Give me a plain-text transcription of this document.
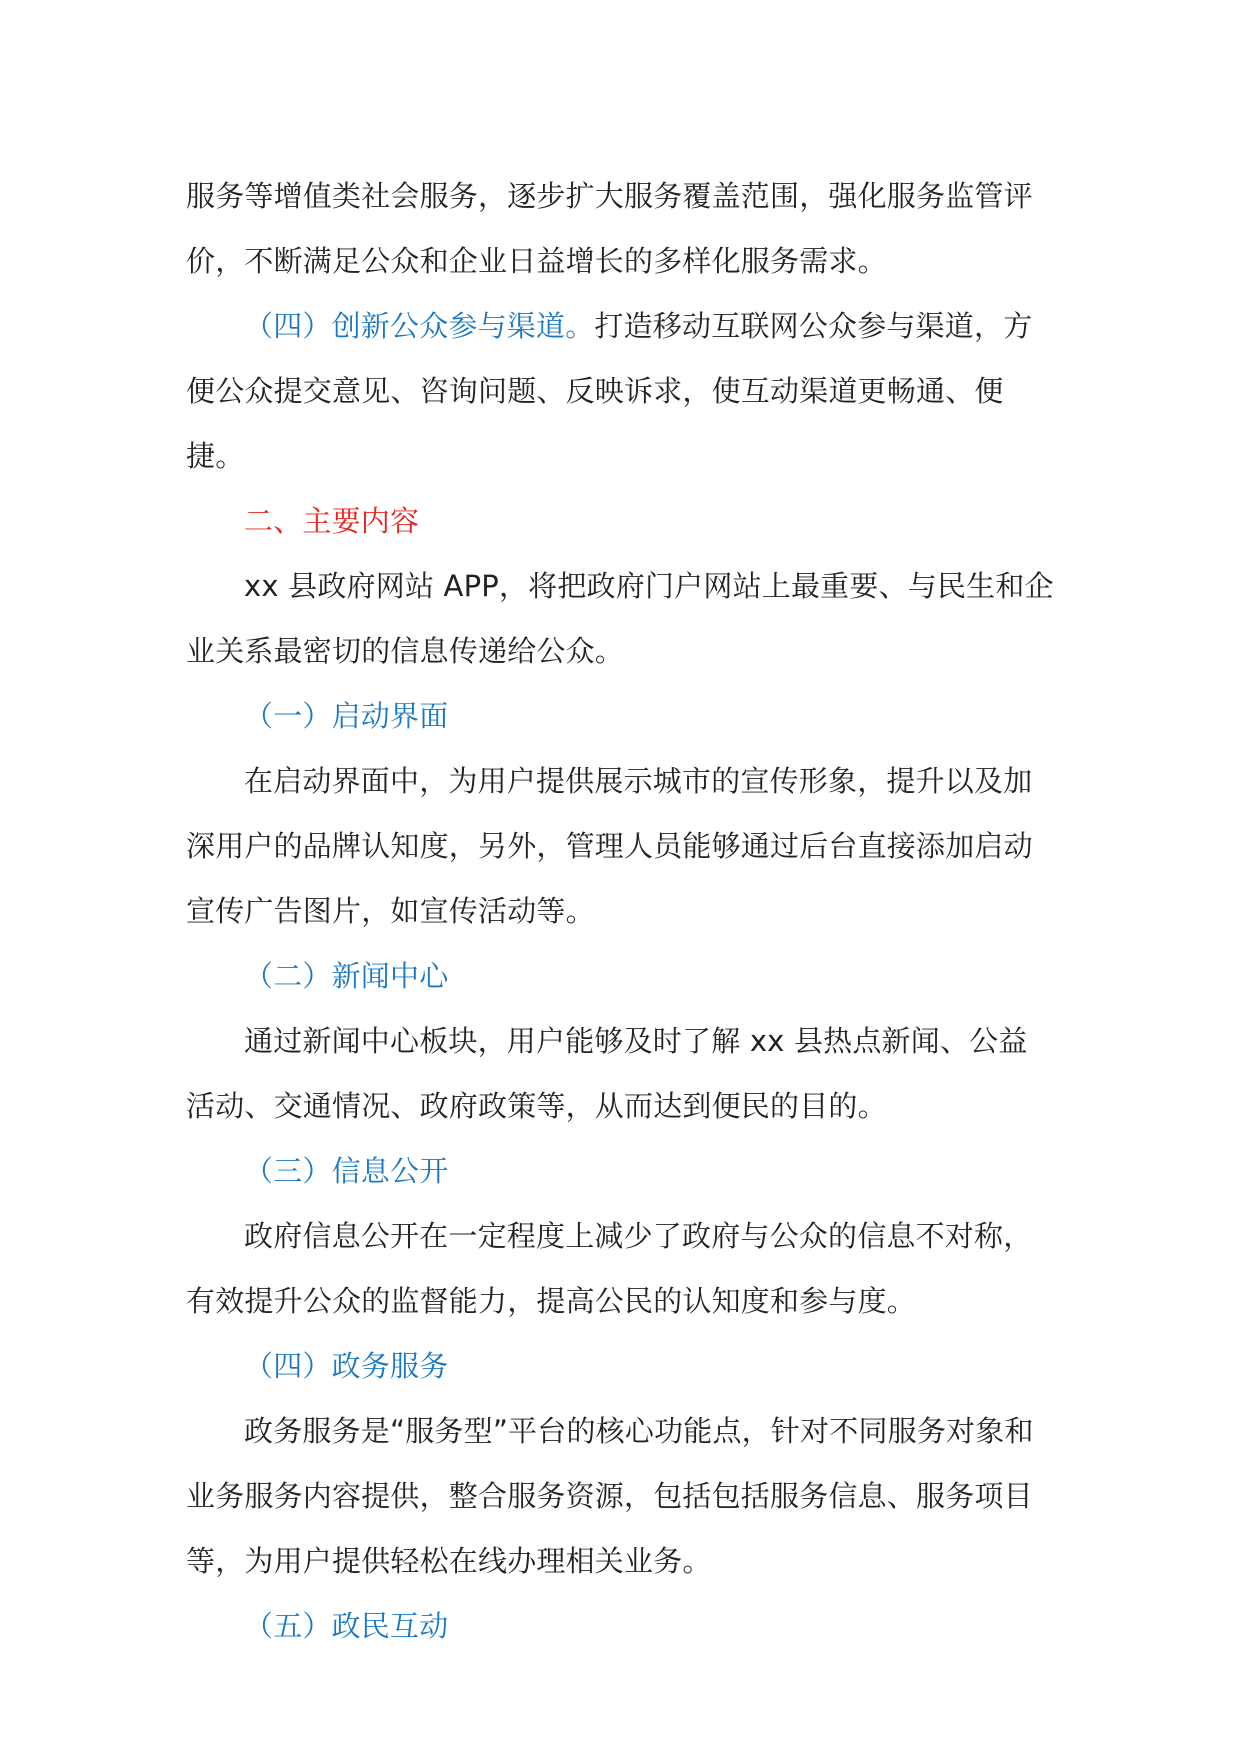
服务等增值类社会服务，逐步扩大服务覆盖范围，强化服务监管评价，不断满足公众和企业日益增长的多样化服务需求。

（四）创新公众参与渠道。打造移动互联网公众参与渠道，方便公众提交意见、咨询问题、反映诉求，使互动渠道更畅通、便捷。

二、主要内容

xx 县政府网站 APP，将把政府门户网站上最重要、与民生和企业关系最密切的信息传递给公众。

（一）启动界面

在启动界面中，为用户提供展示城市的宣传形象，提升以及加深用户的品牌认知度，另外，管理人员能够通过后台直接添加启动宣传广告图片，如宣传活动等。

（二）新闻中心

通过新闻中心板块，用户能够及时了解 xx 县热点新闻、公益活动、交通情况、政府政策等，从而达到便民的目的。

（三）信息公开

政府信息公开在一定程度上减少了政府与公众的信息不对称，有效提升公众的监督能力，提高公民的认知度和参与度。

（四）政务服务

政务服务是“服务型”平台的核心功能点，针对不同服务对象和业务服务内容提供，整合服务资源，包括包括服务信息、服务项目等，为用户提供轻松在线办理相关业务。

（五）政民互动
